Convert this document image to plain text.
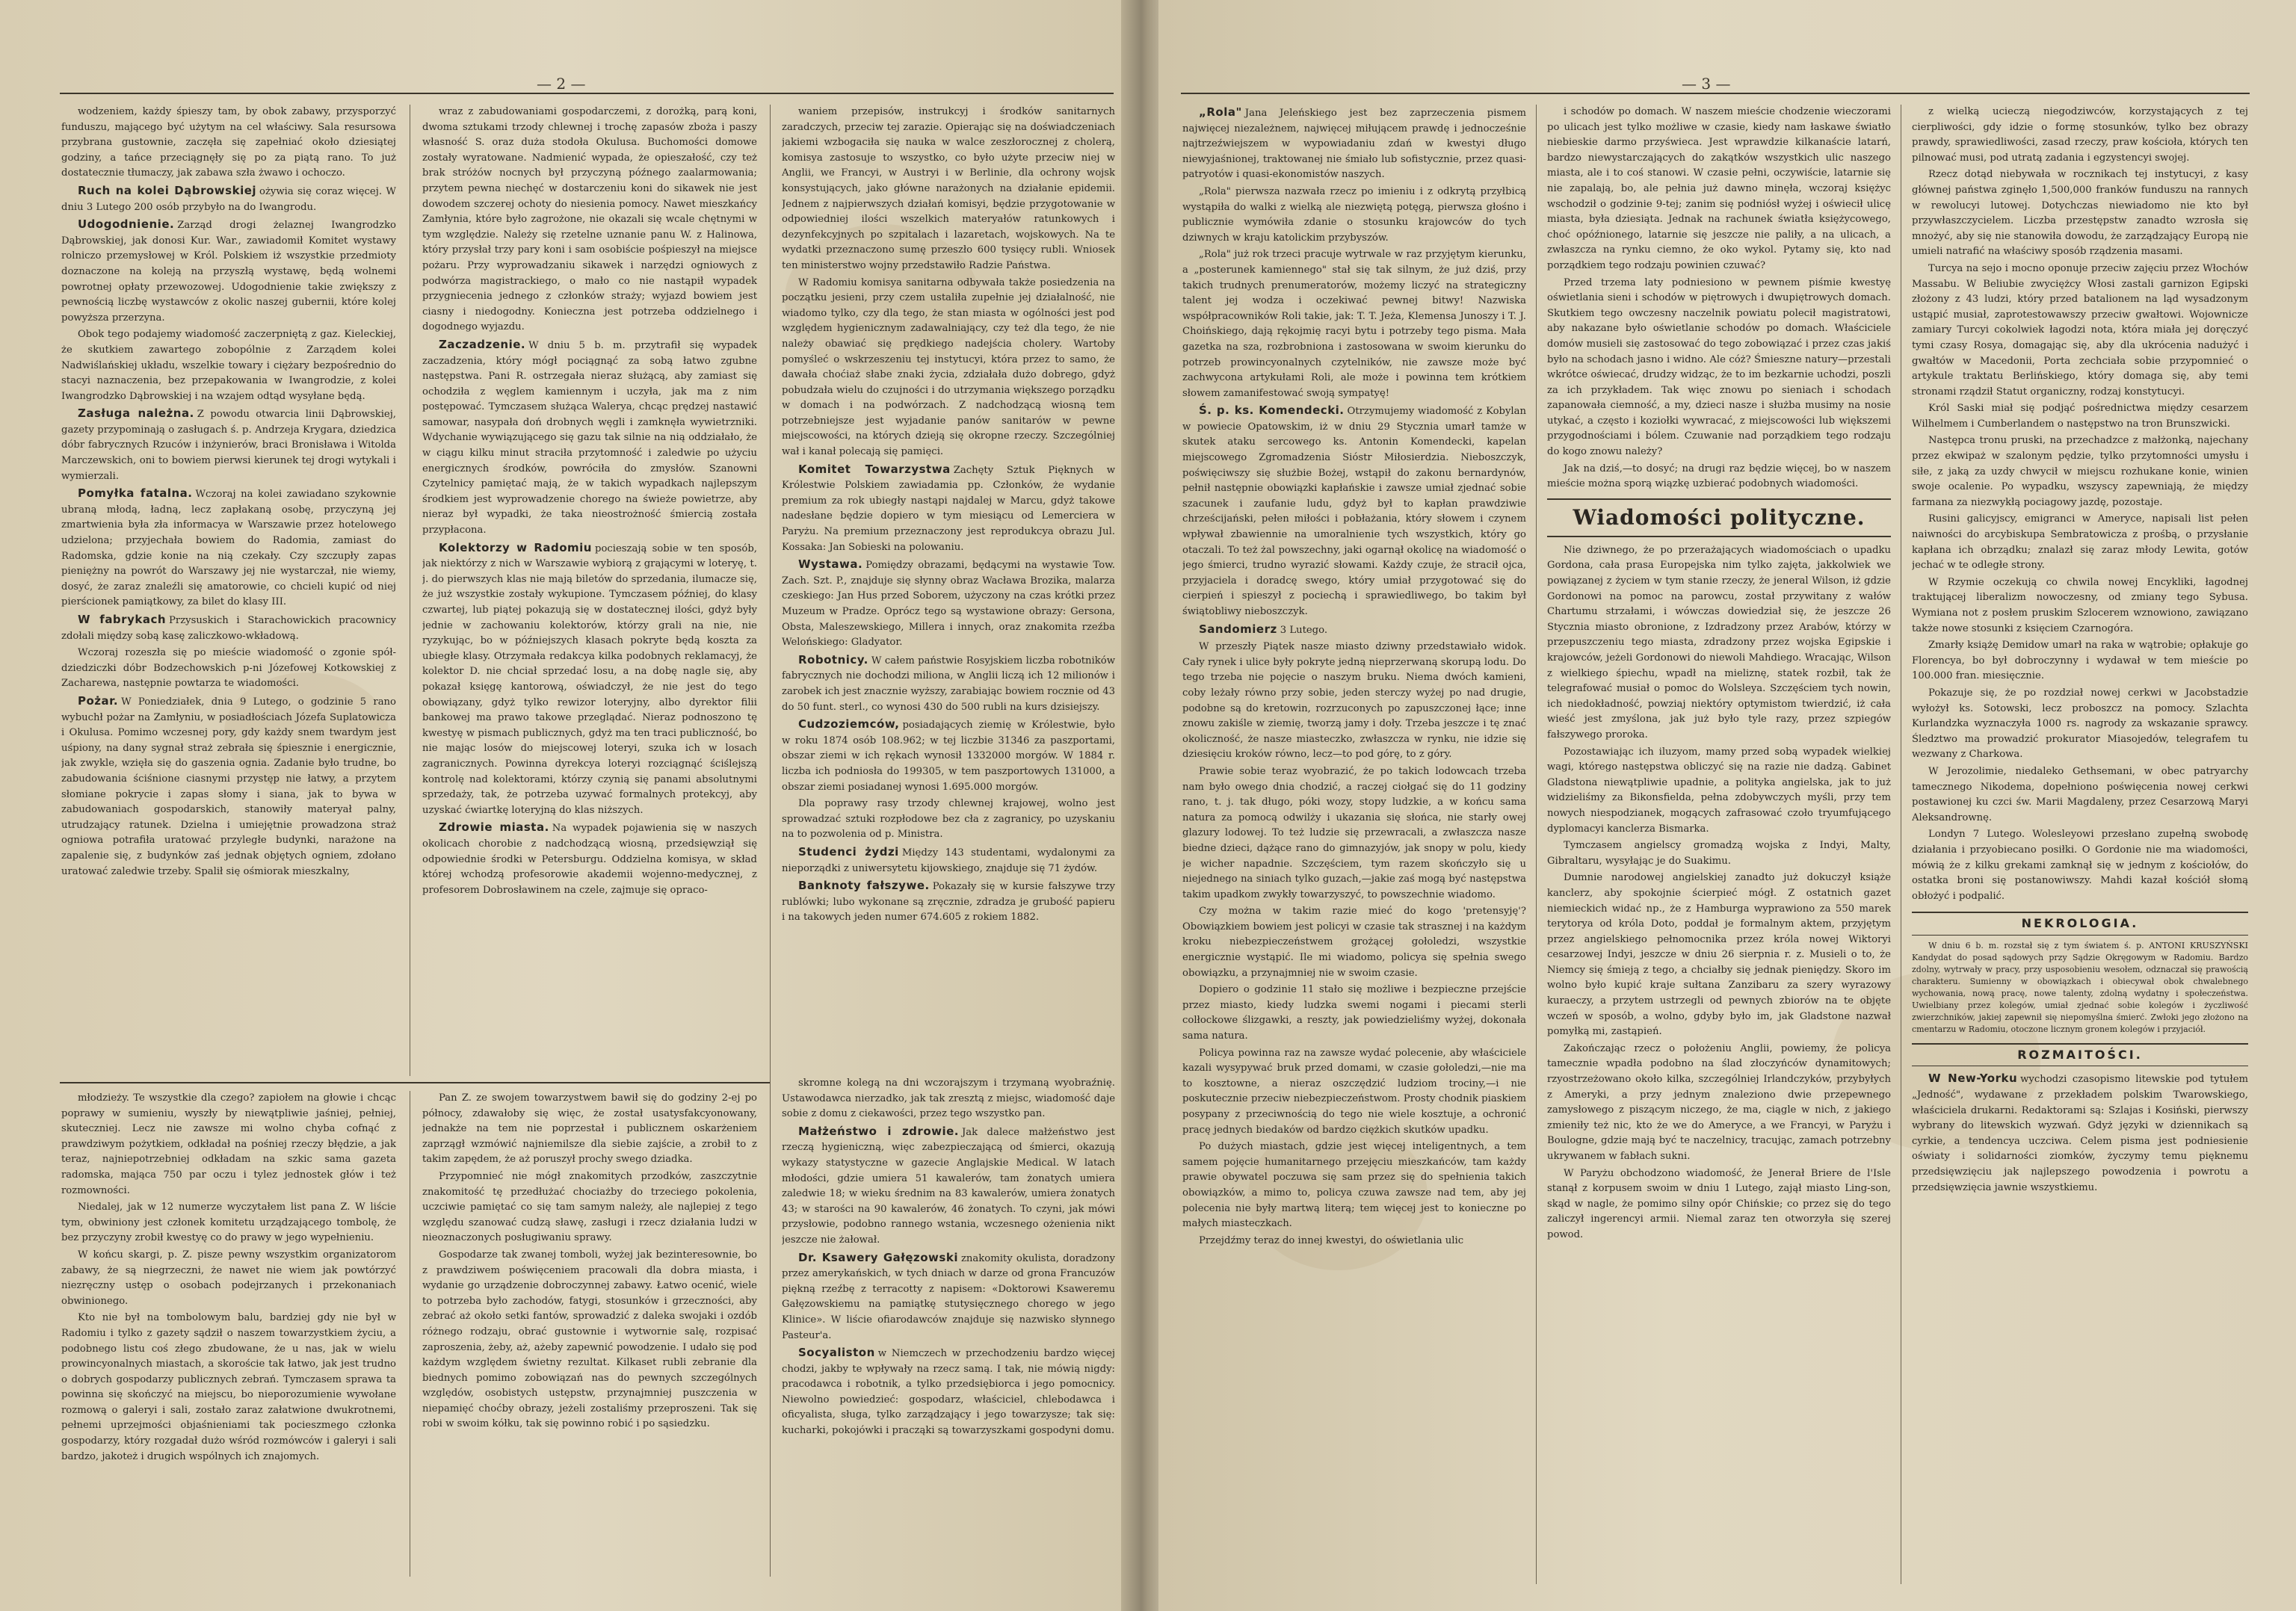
— 2 —

wodzeniem, każdy śpieszy tam, by obok zabawy, przysporzyć funduszu, mającego być użytym na cel właściwy. Sala resursowa przybrana gustownie, zaczęła się zapełniać około dziesiątej godziny, a tańce przeciągnęły się po za piątą rano. To już dostatecznie tłumaczy, jak zabawa szła żwawo i ochoczo.

Ruch na kolei Dąbrowskiej ożywia się coraz więcej. W dniu 3 Lutego 200 osób przybyło na do Iwangrodu.

Udogodnienie. Zarząd drogi żelaznej Iwangrodzko Dąbrowskiej, jak donosi Kur. War., zawiadomił Komitet wystawy rolniczo przemysłowej w Król. Polskiem iż wszystkie przedmioty doznaczone na koleją na przyszłą wystawę, będą wolnemi powrotnej opłaty przewozowej. Udogodnienie takie zwiększy z pewnością liczbę wystawców z okolic naszej gubernii, które kolej powyższa przerzyna.

Obok tego podajemy wiadomość zaczerpniętą z gaz. Kieleckiej, że skutkiem zawartego zobopólnie z Zarządem kolei Nadwiślańskiej układu, wszelkie towary i ciężary bezpośrednio do stacyi naznaczenia, bez przepakowania w Iwangrodzie, z kolei Iwangrodzko Dąbrowskiej i na wzajem odtąd wysyłane będą.

Zasługa należna. Z powodu otwarcia linii Dąbrowskiej, gazety przypominają o zasługach ś. p. Andrzeja Krygara, dziedzica dóbr fabrycznych Rzuców i inżynierów, braci Bronisława i Witolda Marczewskich, oni to bowiem pierwsi kierunek tej drogi wytykali i wymierzali.

Pomyłka fatalna. Wczoraj na kolei zawiadano szykownie ubraną młodą, ładną, lecz zapłakaną osobę, przyczyną jej zmartwienia była zła informacya w Warszawie przez hotelowego udzielona; przyjechała bowiem do Radomia, zamiast do Radomska, gdzie konie na nią czekały. Czy szczupły zapas pieniężny na powrót do Warszawy jej nie wystarczał, nie wiemy, dosyć, że zaraz znaleźli się amatorowie, co chcieli kupić od niej pierścionek pamiątkowy, za bilet do klasy III.

W fabrykach Przysuskich i Starachowickich pracownicy zdołali między sobą kasę zaliczkowo-wkładową.

Wczoraj rozeszła się po mieście wiadomość o zgonie spół-dziedziczki dóbr Bodzechowskich p-ni Józefowej Kotkowskiej z Zacharewa, następnie powtarza te wiadomości.

Pożar. W Poniedziałek, dnia 9 Lutego, o godzinie 5 rano wybuchł pożar na Zamłyniu, w posiadłościach Józefa Suplatowicza i Okulusa. Pomimo wczesnej pory, gdy każdy snem twardym jest uśpiony, na dany sygnał straż zebrała się śpiesznie i energicznie, jak zwykle, wzięła się do gaszenia ognia. Zadanie było trudne, bo zabudowania ściśnione ciasnymi przystęp nie łatwy, a przytem słomiane pokrycie i zapas słomy i siana, jak to bywa w zabudowaniach gospodarskich, stanowiły materyał palny, utrudzający ratunek. Dzielna i umiejętnie prowadzona straż ogniowa potrafiła uratować przyległe budynki, narażone na zapalenie się, z budynków zaś jednak objętych ogniem, zdołano uratować zaledwie trzeby. Spalił się ośmiorak mieszkalny,

wraz z zabudowaniami gospodarczemi, z dorożką, parą koni, dwoma sztukami trzody chlewnej i trochę zapasów zboża i paszy własność S. oraz duża stodoła Okulusa. Buchomości domowe zostały wyratowane. Nadmienić wypada, że opieszałość, czy też brak stróżów nocnych był przyczyną późnego zaalarmowania; przytem pewna niechęć w dostarczeniu koni do sikawek nie jest dowodem szczerej ochoty do niesienia pomocy. Nawet mieszkańcy Zamłynia, które było zagrożone, nie okazali się wcale chętnymi w tym względzie. Należy się rzetelne uznanie panu W. z Halinowa, który przysłał trzy pary koni i sam osobiście pośpieszył na miejsce pożaru. Przy wyprowadzaniu sikawek i narzędzi ogniowych z podwórza magistrackiego, o mało co nie nastąpił wypadek przygniecenia jednego z członków straży; wyjazd bowiem jest ciasny i niedogodny. Konieczna jest potrzeba oddzielnego i dogodnego wyjazdu.

Zaczadzenie. W dniu 5 b. m. przytrafił się wypadek zaczadzenia, który mógł pociągnąć za sobą łatwo zgubne następstwa. Pani R. ostrzegała nieraz służącą, aby zamiast się ochodziła z węglem kamiennym i uczyła, jak ma z nim postępować. Tymczasem służąca Walerya, chcąc prędzej nastawić samowar, nasypała doń drobnych węgli i zamknęła wywietrzniki. Wdychanie wywiązującego się gazu tak silnie na nią oddziałało, że w ciągu kilku minut straciła przytomność i zaledwie po użyciu energicznych środków, powróciła do zmysłów. Szanowni Czytelnicy pamiętać mają, że w takich wypadkach najlepszym środkiem jest wyprowadzenie chorego na świeże powietrze, aby nieraz był wypadki, że taka nieostrożność śmiercią została przypłacona.

Kolektorzy w Radomiu pocieszają sobie w ten sposób, jak niektórzy z nich w Warszawie wybiorą z grającymi w loteryę, t. j. do pierwszych klas nie mają biletów do sprzedania, ilumacze się, że już wszystkie zostały wykupione. Tymczasem później, do klasy czwartej, lub piątej pokazują się w dostatecznej ilości, gdyż były jednie w zachowaniu kolektorów, którzy grali na nie, nie ryzykując, bo w późniejszych klasach pokryte będą koszta za ubiegłe klasy. Otrzymała redakcya kilka podobnych reklamacyj, że kolektor D. nie chciał sprzedać losu, a na dobę nagle się, aby pokazał księgę kantorową, oświadczył, że nie jest do tego obowiązany, gdyż tylko rewizor loteryjny, albo dyrektor filii bankowej ma prawo takowe przeglądać. Nieraz podnoszono tę kwestyę w pismach publicznych, gdyż ma ten traci publiczność, bo nie mając losów do miejscowej loteryi, szuka ich w losach zagranicznych. Powinna dyrekcya loteryi rozciągnąć ściślejszą kontrolę nad kolektorami, którzy czynią się panami absolutnymi sprzedaży, tak, że potrzeba uzywać formalnych protekcyj, aby uzyskać ćwiartkę loteryjną do klas niższych.

Zdrowie miasta. Na wypadek pojawienia się w naszych okolicach chorobie z nadchodzącą wiosną, przedsięwziął się odpowiednie środki w Petersburgu. Oddzielna komisya, w skład której wchodzą profesorowie akademii wojenno-medycznej, z profesorem Dobrosławinem na czele, zajmuje się opraco-

waniem przepisów, instrukcyj i środków sanitarnych zaradczych, przeciw tej zarazie. Opierając się na doświadczeniach jakiemi wzbogaciła się nauka w walce zeszłorocznej z cholerą, komisya zastosuje to wszystko, co było użyte przeciw niej w Anglii, we Francyi, w Austryi i w Berlinie, dla ochrony wojsk konsystujących, jako główne narażonych na działanie epidemii. Jednem z najpierwszych działań komisyi, będzie przygotowanie w odpowiedniej ilości wszelkich materyałów ratunkowych i dezynfekcyjnych po szpitalach i lazaretach, wojskowych. Na te wydatki przeznaczono sumę przeszło 600 tysięcy rubli. Wniosek ten ministerstwo wojny przedstawiło Radzie Państwa.

W Radomiu komisya sanitarna odbywała także posiedzenia na początku jesieni, przy czem ustaliła zupełnie jej działalność, nie wiadomo tylko, czy dla tego, że stan miasta w ogólności jest pod względem hygienicznym zadawalniający, czy też dla tego, że nie należy obawiać się prędkiego nadejścia cholery. Wartoby pomyśleć o wskrzeszeniu tej instytucyi, która przez to samo, że dawała choćiaż słabe znaki życia, zdziałała dużo dobrego, gdyż pobudzała wielu do czujności i do utrzymania większego porządku w domach i na podwórzach. Z nadchodzącą wiosną tem potrzebniejsze jest wyjadanie panów sanitarów w pewne miejscowości, na których dzieją się okropne rzeczy. Szczególniej wał i kanał polecają się pamięci.

Komitet Towarzystwa Zachęty Sztuk Pięknych w Królestwie Polskiem zawiadamia pp. Członków, że wydanie premium za rok ubiegły nastąpi najdalej w Marcu, gdyż takowe nadesłane będzie dopiero w tym miesiącu od Lemerciera w Paryżu. Na premium przeznaczony jest reprodukcya obrazu Jul. Kossaka: Jan Sobieski na polowaniu.

Wystawa. Pomiędzy obrazami, będącymi na wystawie Tow. Zach. Szt. P., znajduje się słynny obraz Wacława Brozika, malarza czeskiego: Jan Hus przed Soborem, użyczony na czas krótki przez Muzeum w Pradze. Oprócz tego są wystawione obrazy: Gersona, Obsta, Maleszewskiego, Millera i innych, oraz znakomita rzeźba Welońskiego: Gladyator.

Robotnicy. W całem państwie Rosyjskiem liczba robotników fabrycznych nie dochodzi miliona, w Anglii liczą ich 12 milionów i zarobek ich jest znacznie wyższy, zarabiając bowiem rocznie od 43 do 50 funt. sterl., co wynosi 430 do 500 rubli na kurs dzisiejszy.

Cudzoziemców, posiadających ziemię w Królestwie, było w roku 1874 osób 108.962; w tej liczbie 31346 za paszportami, obszar ziemi w ich rękach wynosił 1332000 morgów. W 1884 r. liczba ich podniosła do 199305, w tem paszportowych 131000, a obszar ziemi posiadanej wynosi 1.695.000 morgów.

Dla poprawy rasy trzody chlewnej krajowej, wolno jest sprowadzać sztuki rozpłodowe bez cła z zagranicy, po uzyskaniu na to pozwolenia od p. Ministra.

Studenci żydzi Między 143 studentami, wydalonymi za nieporządki z uniwersytetu kijowskiego, znajduje się 71 żydów.

Banknoty fałszywe. Pokazały się w kursie fałszywe trzy rublówki; lubo wykonane są zręcznie, zdradza je grubość papieru i na takowych jeden numer 674.605 z rokiem 1882.

młodzieży. Te wszystkie dla czego? zapiołem na głowie i chcąc poprawy w sumieniu, wyszły by niewątpliwie jaśniej, pełniej, skuteczniej. Lecz nie zawsze mi wolno chyba cofnąć z prawdziwym pożytkiem, odkładał na pośniej rzeczy błędzie, a jak teraz, najniepotrzebniej odkładam na szkic sama gazeta radomska, mająca 750 par oczu i tylez jednostek głów i też rozmowności.

Niedalej, jak w 12 numerze wyczytałem list pana Z. W liście tym, obwiniony jest członek komitetu urządzającego tombolę, że bez przyczyny zrobił kwestyę co do prawy w jego wypełnieniu.

W końcu skargi, p. Z. pisze pewny wszystkim organizatorom zabawy, że są niegrzeczni, że nawet nie wiem jak powtórzyć niezręczny ustęp o osobach podejrzanych i przekonaniach obwinionego.

Kto nie był na tombolowym balu, bardziej gdy nie był w Radomiu i tylko z gazety sądził o naszem towarzystkiem życiu, a podobnego listu coś złego zbudowane, że u nas, jak w wielu prowincyonalnych miastach, a skoroście tak łatwo, jak jest trudno o dobrych gospodarzy publicznych zebrań. Tymczasem sprawa ta powinna się skończyć na miejscu, bo nieporozumienie wywołane rozmową o galeryi i sali, zostało zaraz załatwione dwukrotnemi, pełnemi uprzejmości objaśnieniami tak pocieszmego członka gospodarzy, który rozgadał dużo wśród rozmówców i galeryi i sali bardzo, jakoteż i drugich wspólnych ich znajomych.

Pan Z. ze swojem towarzystwem bawił się do godziny 2-ej po północy, zdawałoby się więc, że został usatysfakcyonowany, jednakże na tem nie poprzestał i publicznem oskarżeniem zaprzągł wzmówić najniemilsze dla siebie zajście, a zrobił to z takim zapędem, że aż poruszył prochy swego dziadka.

Przypomnieć nie mógł znakomitych przodków, zaszczytnie znakomitość tę przedłużać chociażby do trzeciego pokolenia, uczciwie pamiętać co się tam samym należy, ale najlepiej z tego względu szanować cudzą sławę, zasługi i rzecz działania ludzi w nieoznaczonych posługiwaniu sprawy.

Gospodarze tak zwanej tomboli, wyżej jak bezinteresownie, bo z prawdziwem poświęceniem pracowali dla dobra miasta, i wydanie go urządzenie dobroczynnej zabawy. Łatwo ocenić, wiele to potrzeba było zachodów, fatygi, stosunków i grzeczności, aby zebrać aż około setki fantów, sprowadzić z daleka swojaki i ozdób różnego rodzaju, obrać gustownie i wytwornie salę, rozpisać zaproszenia, żeby, aż, ażeby zapewnić powodzenie. I udało się pod każdym względem świetny rezultat. Kilkaset rubli zebranie dla biednych pomimo zobowiązań nas do pewnych szczególnych względów, osobistych ustępstw, przynajmniej puszczenia w niepamięć choćby obrazy, jeżeli zostaliśmy przeproszeni. Tak się robi w swoim kółku, tak się powinno robić i po sąsiedzku.

skromne kolegą na dni wczorajszym i trzymaną wyobraźnię. Ustawodawca nierzadko, jak tak zresztą z miejsc, wiadomość daje sobie z domu z ciekawości, przez tego wszystko pan.

Małżeństwo i zdrowie. Jak dalece małżeństwo jest rzeczą hygieniczną, więc zabezpieczającą od śmierci, okazują wykazy statystyczne w gazecie Anglajskie Medical. W latach młodości, gdzie umiera 51 kawalerów, tam żonatych umiera zaledwie 18; w wieku średnim na 83 kawalerów, umiera żonatych 43; w starości na 90 kawalerów, 46 żonatych. To czyni, jak mówi przysłowie, podobno rannego wstania, wczesnego ożenienia nikt jeszcze nie żałował.

Dr. Ksawery Gałęzowski znakomity okulista, doradzony przez amerykańskich, w tych dniach w darze od grona Francuzów piękną rzeźbę z terracotty z napisem: «Doktorowi Ksaweremu Gałęzowskiemu na pamiątkę stutysięcznego chorego w jego Klinice». W liście ofiarodawców znajduje się nazwisko słynnego Pasteur'a.

Socyaliston w Niemczech w przechodzeniu bardzo więcej chodzi, jakby te wpływały na rzecz samą. I tak, nie mówią nigdy: pracodawca i robotnik, a tylko przedsiębiorca i jego pomocnicy. Niewolno powiedzieć: gospodarz, właściciel, chlebodawca i oficyalista, sługa, tylko zarządzający i jego towarzysze; tak się: kucharki, pokojówki i pracząki są towarzyszkami gospodyni domu.

— 3 —

„Rola" Jana Jeleńskiego jest bez zaprzeczenia pismem najwięcej niezależnem, najwięcej miłującem prawdę i jednocześnie najtrzeźwiejszem w wypowiadaniu zdań w kwestyi długo niewyjaśnionej, traktowanej nie śmiało lub sofistycznie, przez quasi-patryotów i quasi-ekonomistów naszych.

„Rola" pierwsza nazwała rzecz po imieniu i z odkrytą przyłbicą wystąpiła do walki z wielką ale niezwiętą potęgą, pierwsza głośno i publicznie wymówiła zdanie o stosunku krajowców do tych dziwnych w kraju katolickim przybyszów.

„Rola" już rok trzeci pracuje wytrwale w raz przyjętym kierunku, a „posterunek kamiennego" stał się tak silnym, że już dziś, przy takich trudnych prenumeratorów, możemy liczyć na strategiczny talent jej wodza i oczekiwać pewnej bitwy! Nazwiska współpracowników Roli takie, jak: T. T. Jeża, Klemensa Junoszy i T. J. Choińskiego, dają rękojmię racyi bytu i potrzeby tego pisma. Mała gazetka na sza, rozbrobniona i zastosowana w swoim kierunku do potrzeb prowincyonalnych czytelników, nie zawsze może być zachwycona artykułami Roli, ale może i powinna tem krótkiem słowem zamanifestować swoją sympatyę!

Ś. p. ks. Komendecki. Otrzymujemy wiadomość z Kobylan w powiecie Opatowskim, iż w dniu 29 Stycznia umarł tamże w skutek ataku sercowego ks. Antonin Komendecki, kapelan miejscowego Zgromadzenia Sióstr Miłosierdzia. Nieboszczyk, poświęciwszy się służbie Bożej, wstąpił do zakonu bernardynów, pełnił następnie obowiązki kapłańskie i zawsze umiał zjednać sobie szacunek i zaufanie ludu, gdyż był to kapłan prawdziwie chrześcijański, pełen miłości i pobłażania, który słowem i czynem wpływał zbawiennie na umoralnienie tych wszystkich, który go otaczali. To też żal powszechny, jaki ogarnął okolicę na wiadomość o jego śmierci, trudno wyrazić słowami. Każdy czuje, że stracił ojca, przyjaciela i doradcę swego, który umiał przygotować się do cierpień i spieszył z pociechą i sprawiedliwego, bo takim był świątobliwy nieboszczyk.

Sandomierz 3 Lutego.

W przeszły Piątek nasze miasto dziwny przedstawiało widok. Cały rynek i ulice były pokryte jedną nieprzerwaną skorupą lodu. Do tego trzeba nie pojęcie o naszym bruku. Niema dwóch kamieni, coby leżały równo przy sobie, jeden sterczy wyżej po nad drugie, podobne są do kretowin, rozrzuconych po zapuszczonej łące; inne znowu zakiśle w ziemię, tworzą jamy i doły. Trzeba jeszcze i tę znać okoliczność, że nasze miasteczko, zwłaszcza w rynku, nie idzie się dziesięciu kroków równo, lecz—to pod górę, to z góry.

Prawie sobie teraz wyobrazić, że po takich lodowcach trzeba nam było owego dnia chodzić, a raczej ciołgać się do 11 godziny rano, t. j. tak długo, póki wozy, stopy ludzkie, a w końcu sama natura za pomocą odwilży i ukazania się słońca, nie starły owej glazury lodowej. To też ludzie się przewracali, a zwłaszcza nasze biedne dzieci, dążące rano do gimnazyjów, jak snopy w polu, kiedy je wicher napadnie. Szczęściem, tym razem skończyło się u niejednego na siniach tylko guzach,—jakie zaś mogą być następstwa takim upadkom zwykły towarzyszyć, to powszechnie wiadomo.

Czy można w takim razie mieć do kogo 'pretensyję'? Obowiązkiem bowiem jest policyi w czasie tak strasznej i na każdym kroku niebezpieczeństwem grożącej gołoledzi, wszystkie energicznie wystąpić. Ile mi wiadomo, policya się spełnia swego obowiązku, a przynajmniej nie w swoim czasie.

Dopiero o godzinie 11 stało się możliwe i bezpieczne przejście przez miasto, kiedy ludzka swemi nogami i piecami sterli colłockowe ślizgawki, a reszty, jak powiedzieliśmy wyżej, dokonała sama natura.

Policya powinna raz na zawsze wydać polecenie, aby właściciele kazali wysypywać bruk przed domami, w czasie gołoledzi,—nie ma to kosztowne, a nieraz oszczędzić ludziom trociny,—i nie poskutecznie przeciw niebezpieczeństwom. Prosty chodnik piaskiem posypany z przeciwnością do tego nie wiele kosztuje, a ochronić pracę jednych biedaków od bardzo ciężkich skutków upadku.

Po dużych miastach, gdzie jest więcej inteligentnych, a tem samem pojęcie humanitarnego przejęciu mieszkańców, tam każdy prawie obywatel poczuwa się sam przez się do spełnienia takich obowiązków, a mimo to, policya czuwa zawsze nad tem, aby jej polecenia nie były martwą literą; tem więcej jest to konieczne po małych miasteczkach.

Przejdźmy teraz do innej kwestyi, do oświetlania ulic

i schodów po domach. W naszem mieście chodzenie wieczorami po ulicach jest tylko możliwe w czasie, kiedy nam łaskawe światło niebieskie darmo przyświeca. Jest wprawdzie kilkanaście latarń, bardzo niewystarczających do zakątków wszystkich ulic naszego miasta, ale i to coś stanowi. W czasie pełni, oczywiście, latarnie się nie zapalają, bo, ale pełnia już dawno minęła, wczoraj księżyc wschodził o godzinie 9-tej; zanim się podniósł wyżej i oświecił ulicę miasta, była dziesiąta. Jednak na rachunek światła księżycowego, choć opóźnionego, latarnie się jeszcze nie paliły, a na ulicach, a zwłaszcza na rynku ciemno, że oko wykol. Pytamy się, kto nad porządkiem tego rodzaju powinien czuwać?

Przed trzema laty podniesiono w pewnem piśmie kwestyę oświetlania sieni i schodów w piętrowych i dwupiętrowych domach. Skutkiem tego owczesny naczelnik powiatu polecił magistratowi, aby nakazane było oświetlanie schodów po domach. Właściciele domów musieli się zastosować do tego zobowiązać i przez czas jakiś było na schodach jasno i widno. Ale cóż? Śmieszne natury—przestali wkrótce oświecać, drudzy widząc, że to im bezkarnie uchodzi, poszli za ich przykładem. Tak więc znowu po sieniach i schodach zapanowała ciemność, a my, dzieci nasze i służba musimy na nosie utykać, a często i koziołki wywracać, z miejscowości lub większemi przygodnościami i bólem. Czuwanie nad porządkiem tego rodzaju do kogo znowu należy?

Jak na dziś,—to dosyć; na drugi raz będzie więcej, bo w naszem mieście można sporą wiązkę uzbierać podobnych wiadomości.

Wiadomości polityczne.

Nie dziwnego, że po przerażających wiadomościach o upadku Gordona, cała prasa Europejska nim tylko zajęta, jakkolwiek we powiązanej z życiem w tym stanie rzeczy, że jeneral Wilson, iż gdzie Gordonowi na pomoc na parowcu, został przywitany z wałów Chartumu strzałami, i wówczas dowiedział się, że jeszcze 26 Stycznia miasto obronione, z Izdradzony przez Arabów, którzy w przepuszczeniu tego miasta, zdradzony przez wojska Egipskie i krajowców, jeżeli Gordonowi do niewoli Mahdiego. Wracając, Wilson z wielkiego śpiechu, wpadł na mieliznę, statek rozbił, tak że telegrafować musiał o pomoc do Wolsleya. Szczęściem tych nowin, ich niedokładność, powziaj niektóry optymistom twierdzić, iż cała wieść jest zmyślona, jak już było tyle razy, przez szpiegów fałszywego proroka.

Pozostawiając ich iluzyom, mamy przed sobą wypadek wielkiej wagi, którego następstwa obliczyć się na razie nie dadzą. Gabinet Gladstona niewątpliwie upadnie, a polityka angielska, jak to już widzieliśmy za Bikonsfielda, pełna zdobywczych myśli, przy tem nowych niespodzianek, mogących zafrasować czoło tryumfującego dyplomacyi kanclerza Bismarka.

Tymczasem angielscy gromadzą wojska z Indyi, Malty, Gibraltaru, wysyłając je do Suakimu.

Dumnie narodowej angielskiej zanadto już dokuczył książe kanclerz, aby spokojnie ścierpieć mógł. Z ostatnich gazet niemieckich widać np., że z Hamburga wyprawiono za 550 marek terytorya od króla Doto, poddał je formalnym aktem, przyjętym przez angielskiego pełnomocnika przez króla nowej Wiktoryi cesarzowej Indyi, jeszcze w dniu 26 sierpnia r. z. Musieli o to, że Niemcy się śmieją z tego, a chciałby się jednak pieniędzy. Skoro im wolno było kupić kraje sułtana Zanzibaru za szery wyrazowy kuraeczy, a przytem ustrzegli od pewnych zbiorów na te objęte wczeń w sposób, a wolno, gdyby było im, jak Gladstone nazwał pomyłką mi, zastąpień.

Zakończając rzecz o położeniu Anglii, powiemy, że policya tamecznie wpadła podobno na ślad złoczyńców dynamitowych; rzyostrzeżowano około kilka, szczególniej Irlandczyków, przybyłych z Ameryki, a przy jednym znaleziono dwie przepewnego zamysłowego z piszącym niczego, że ma, ciągle w nich, z jakiego zmieniły też nic, kto że we do Ameryce, a we Francyi, w Paryżu i Boulogne, gdzie mają być te naczelnicy, tracując, zamach potrzebny ukrywanem w fabłach sukni.

W Paryżu obchodzono wiadomość, że Jenerał Briere de l'Isle stanął z korpusem swoim w dniu 1 Lutego, zajął miasto Ling-son, skąd w nagle, że pomimo silny opór Chińskie; co przez się do tego zaliczył ingerencyi armii. Niemal zaraz ten otworzyła się szerej powod.

z wielką ucieczą niegodziwców, korzystających z tej cierpliwości, gdy idzie o formę stosunków, tylko bez obrazy prawdy, sprawiedliwości, zasad rzeczy, praw kościoła, których ten pilnować musi, pod utratą zadania i egzystencyi swojej.

Rzecz dotąd niebywała w rocznikach tej instytucyi, z kasy głównej państwa zginęło 1,500,000 franków funduszu na rannych w rewolucyi lutowej. Dotychczas niewiadomo nie kto był przywłaszczycielem. Liczba przestępstw zanadto wzrosła się mnożyć, aby się nie stanowiła dowodu, że zarządzający Europą nie umieli natrafić na właściwy sposób rządzenia masami.

Turcya na sejo i mocno oponuje przeciw zajęciu przez Włochów Massabu. W Beliubie zwyciężcy Włosi zastali garnizon Egipski złożony z 43 ludzi, który przed batalionem na ląd wysadzonym ustąpić musiał, zaprotestowawszy przeciw gwałtowi. Wojownicze zamiary Turcyi cokolwiek łagodzi nota, która miała jej doręczyć tymi czasy Rosya, domagając się, aby dla ukrócenia nadużyć i gwałtów w Macedonii, Porta zechciała sobie przypomnieć o artykule traktatu Berlińskiego, który domaga się, aby temi stronami rządził Statut organiczny, rodzaj konstytucyi.

Król Saski miał się podjąć pośrednictwa między cesarzem Wilhelmem i Cumberlandem o następstwo na tron Brunszwicki.

Następca tronu pruski, na przechadzce z małżonką, najechany przez ekwipaż w szalonym pędzie, tylko przytomności umysłu i siłe, z jaką za uzdy chwycił w miejscu rozhukane konie, winien swoje ocalenie. Po wypadku, wszyscy zapewniają, że między farmana za niezwykłą pociagowy jazdę, pozostaje.

Rusini galicyjscy, emigranci w Ameryce, napisali list pełen naiwności do arcybiskupa Sembratowicza z prośbą, o przysłanie kapłana ich obrządku; znalazł się zaraz młody Lewita, gotów jechać w te odległe strony.

W Rzymie oczekują co chwila nowej Encykliki, łagodnej traktującej liberalizm nowoczesny, od zmiany tego Sybusa. Wymiana not z posłem pruskim Szlocerem wznowiono, zawiązano także nowe stosunki z księciem Czarnogóra.

Zmarły książę Demidow umarł na raka w wątrobie; opłakuje go Florencya, bo był dobroczynny i wydawał w tem mieście po 100.000 fran. miesięcznie.

Pokazuje się, że po rozdział nowej cerkwi w Jacobstadzie wyłożył ks. Sotowski, lecz proboszcz na pomocy. Szlachta Kurlandzka wyznaczyła 1000 rs. nagrody za wskazanie sprawcy. Śledztwo ma prowadzić prokurator Miasojedów, telegrafem tu wezwany z Charkowa.

W Jerozolimie, niedaleko Gethsemani, w obec patryarchy tamecznego Nikodema, dopełniono poświęcenia nowej cerkwi postawionej ku czci św. Marii Magdaleny, przez Cesarzową Maryi Aleksandrownę.

Londyn 7 Lutego. Wolesleyowi przesłano zupełną swobodę działania i przyobiecano posiłki. O Gordonie nie ma wiadomości, mówią że z kilku grekami zamknął się w jednym z kościołów, do ostatka broni się postanowiwszy. Mahdi kazał kościół słomą obłożyć i podpalić.

NEKROLOGIA.

W dniu 6 b. m. rozstał się z tym światem ś. p. ANTONI KRUSZYŃSKI Kandydat do posad sądowych przy Sądzie Okręgowym w Radomiu. Bardzo zdolny, wytrwały w pracy, przy usposobieniu wesołem, odznaczał się prawością charakteru. Sumienny w obowiązkach i obiecywał obok chwalebnego wychowania, nową pracę, nowe talenty, zdolną wydatny i społeczeństwa. Uwielbiany przez kolegów, umiał zjednać sobie kolegów i życzliwość zwierzchników, jakiej zapewnił się niepomyślna śmierć. Zwłoki jego złożono na cmentarzu w Radomiu, otoczone licznym gronem kolegów i przyjaciół.

ROZMAITOŚCI.

W New-Yorku wychodzi czasopismo litewskie pod tytułem „Jedność", wydawane z przekładem polskim Twarowskiego, właściciela drukarni. Redaktorami są: Szlajas i Kosiński, pierwszy wybrany do litewskich wyzwań. Gdyż języki w dziennikach są cyrkie, a tendencya uczciwa. Celem pisma jest podniesienie oświaty i solidarności ziomków, życzymy temu pięknemu przedsięwzięciu jak najlepszego powodzenia i powrotu a przedsięwzięcia jawnie wszystkiemu.
